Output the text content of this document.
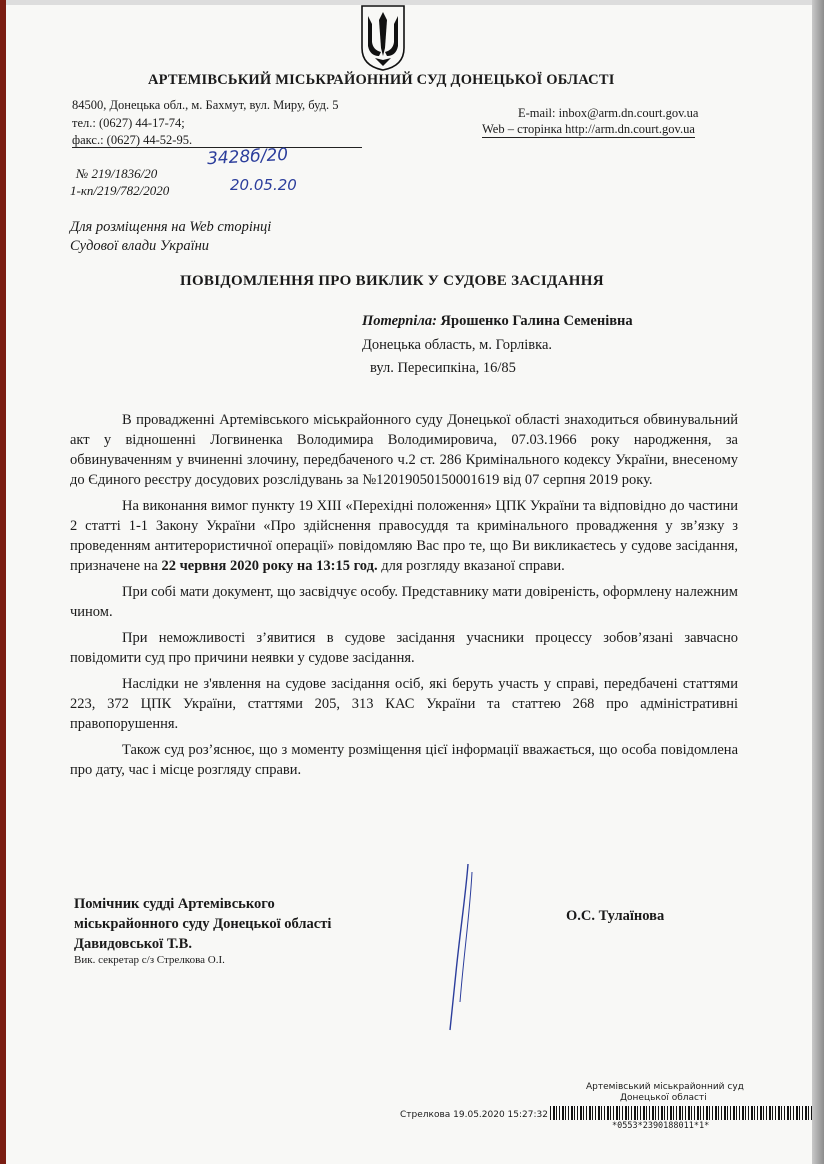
АРТЕМІВСЬКИЙ МІСЬКРАЙОННИЙ СУД ДОНЕЦЬКОЇ ОБЛАСТІ
84500, Донецька обл., м. Бахмут, вул. Миру, буд. 5
тел.: (0627) 44-17-74;
факс.: (0627) 44-52-95.
E-mail: inbox@arm.dn.court.gov.ua
Web – сторінка http://arm.dn.court.gov.ua
№ 219/1836/20
1-кп/219/782/2020
3428б/20
20.05.20
Для розміщення на Web сторінці
Судової влади України
ПОВІДОМЛЕННЯ ПРО ВИКЛИК У СУДОВЕ ЗАСІДАННЯ
Потерпіла: Ярошенко Галина Семенівна
Донецька область, м. Горлівка.
вул. Пересипкіна, 16/85

В провадженні Артемівського міськрайонного суду Донецької області знаходиться обвинувальний акт у відношенні Логвиненка Володимира Володимировича, 07.03.1966 року народження, за обвинуваченням у вчиненні злочину, передбаченого ч.2 ст. 286 Кримінального кодексу України, внесеному до Єдиного реєстру досудових розслідувань за №12019050150001619 від 07 серпня 2019 року.

На виконання вимог пункту 19 XIII «Перехідні положення» ЦПК України та відповідно до частини 2 статті 1-1 Закону України «Про здійснення правосуддя та кримінального провадження у зв’язку з проведенням антитерористичної операції» повідомляю Вас про те, що Ви викликаєтесь у судове засідання, призначене на 22 червня 2020 року на 13:15 год. для розгляду вказаної справи.

При собі мати документ, що засвідчує особу. Представнику мати довіреність, оформлену належним чином.

При неможливості з’явитися в судове засідання учасники процессу зобов’язані завчасно повідомити суд про причини неявки у судове засідання.

Наслідки не з'явлення на судове засідання осіб, які беруть участь у справі, передбачені статтями 223, 372 ЦПК України, статтями 205, 313 КАС України та статтею 268 про адміністративні правопорушення.

Також суд роз’яснює, що з моменту розміщення цієї інформації вважається, що особа повідомлена про дату, час і місце розгляду справи.

Помічник судді Артемівського
міськрайонного суду Донецької області
Давидовської Т.В.
Вик. секретар с/з Стрелкова О.І.
О.С. Тулаїнова
Артемівський міськрайонний суд
Донецької області
Стрелкова 19.05.2020 15:27:32
*0553*2390188011*1*
